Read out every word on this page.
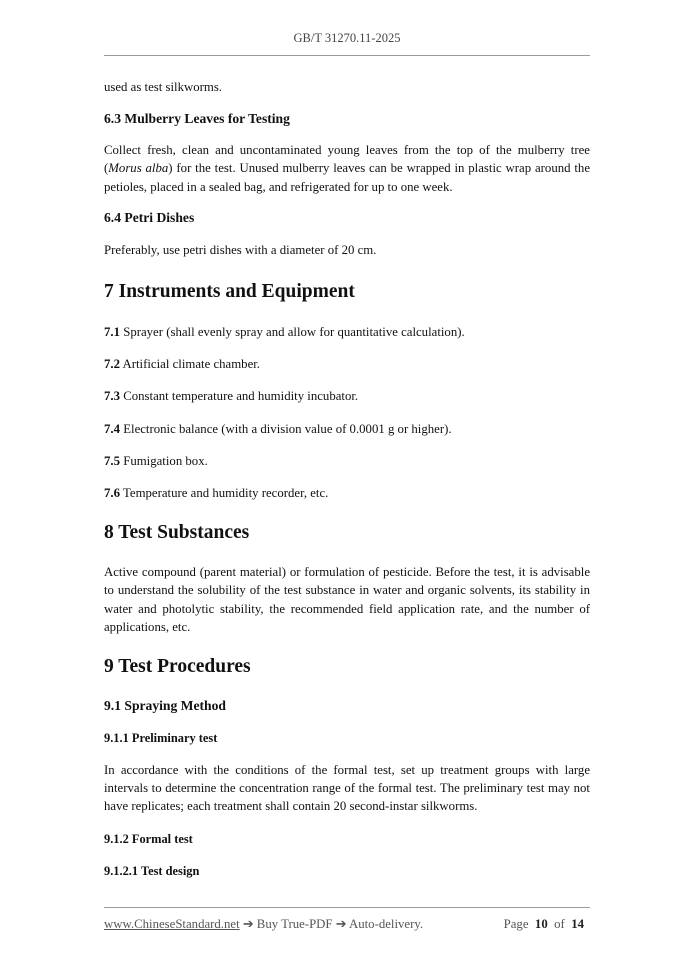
GB/T 31270.11-2025

used as test silkworms.

6.3 Mulberry Leaves for Testing

Collect fresh, clean and uncontaminated young leaves from the top of the mulberry tree (Morus alba) for the test. Unused mulberry leaves can be wrapped in plastic wrap around the petioles, placed in a sealed bag, and refrigerated for up to one week.

6.4 Petri Dishes

Preferably, use petri dishes with a diameter of 20 cm.

7 Instruments and Equipment

7.1 Sprayer (shall evenly spray and allow for quantitative calculation).

7.2 Artificial climate chamber.

7.3 Constant temperature and humidity incubator.

7.4 Electronic balance (with a division value of 0.0001 g or higher).

7.5 Fumigation box.

7.6 Temperature and humidity recorder, etc.

8 Test Substances

Active compound (parent material) or formulation of pesticide. Before the test, it is advisable to understand the solubility of the test substance in water and organic solvents, its stability in water and photolytic stability, the recommended field application rate, and the number of applications, etc.

9 Test Procedures
9.1 Spraying Method
9.1.1 Preliminary test

In accordance with the conditions of the formal test, set up treatment groups with large intervals to determine the concentration range of the formal test. The preliminary test may not have replicates; each treatment shall contain 20 second-instar silkworms.

9.1.2 Formal test
9.1.2.1 Test design
www.ChineseStandard.net ➔ Buy True-PDF ➔ Auto-delivery.	Page 10 of 14
